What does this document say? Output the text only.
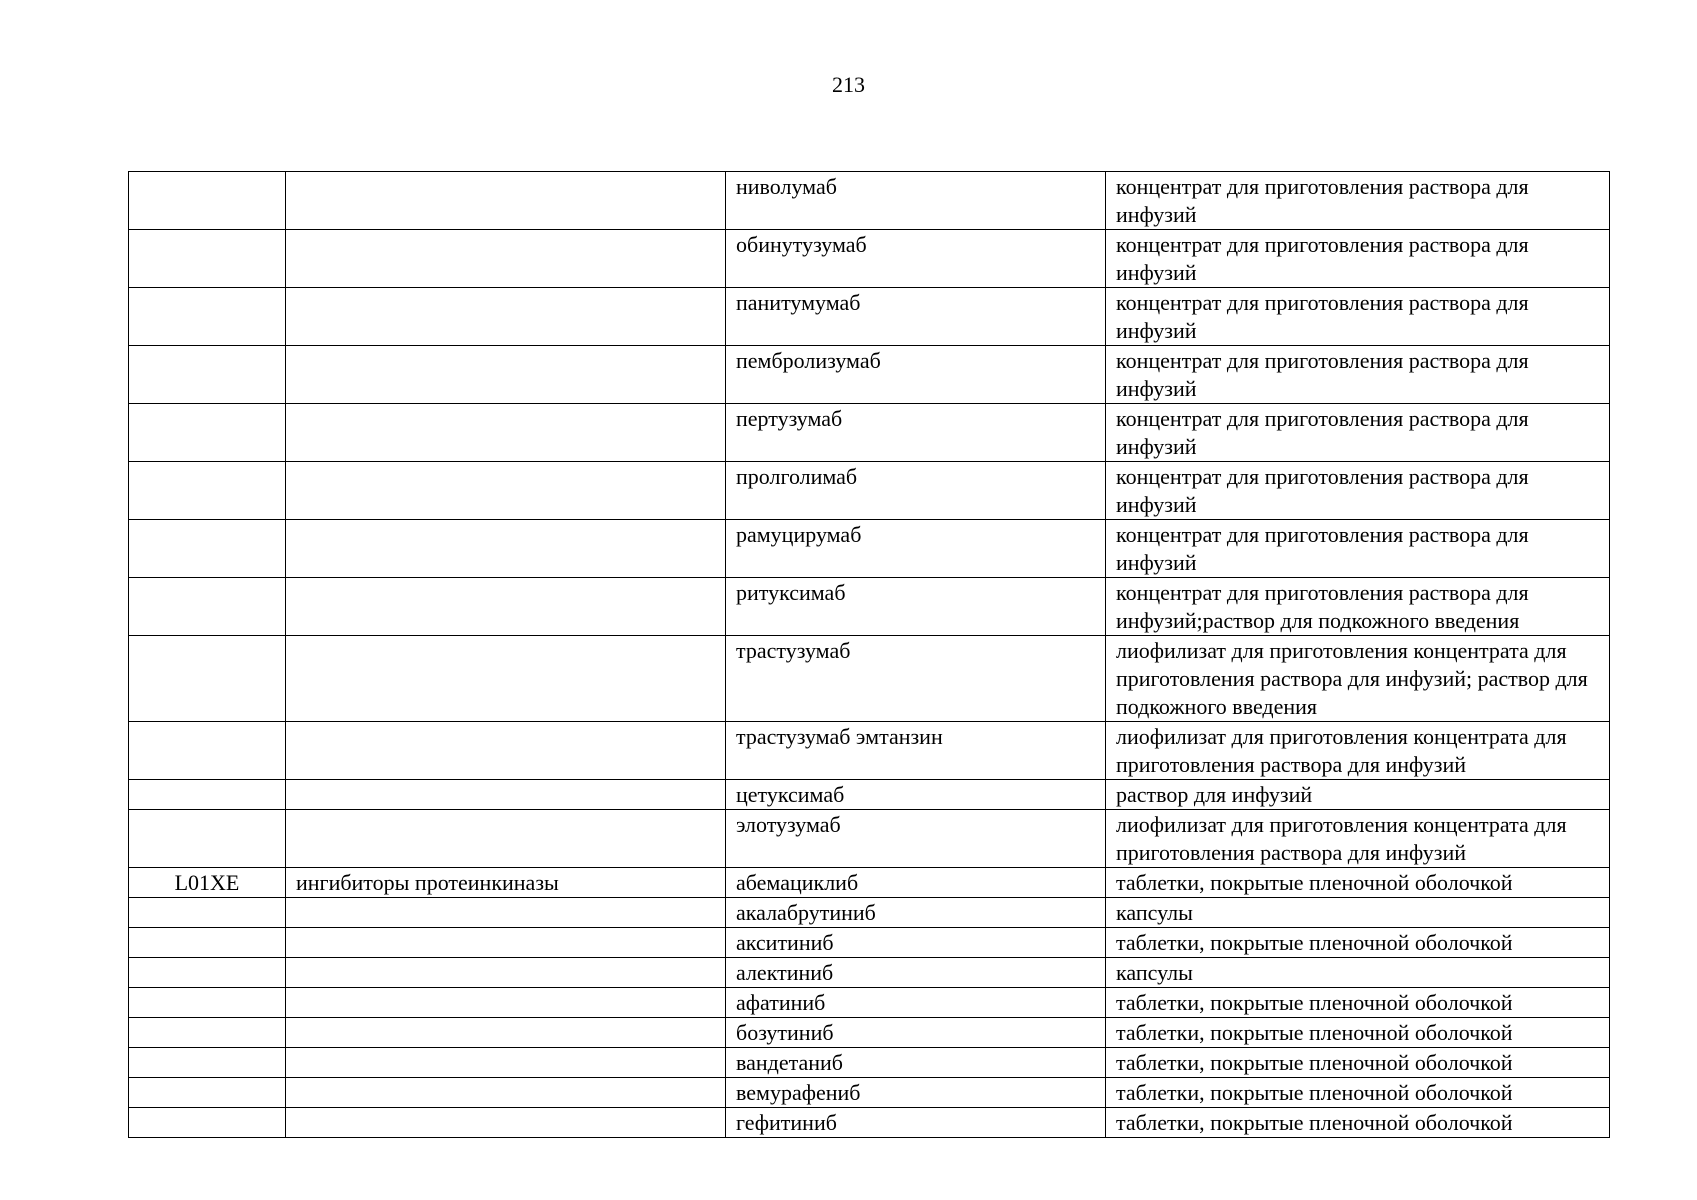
213
		ниволумаб	концентрат для приготовления раствора для инфузий
		обинутузумаб	концентрат для приготовления раствора для инфузий
		панитумумаб	концентрат для приготовления раствора для инфузий
		пембролизумаб	концентрат для приготовления раствора для инфузий
		пертузумаб	концентрат для приготовления раствора для инфузий
		пролголимаб	концентрат для приготовления раствора для инфузий
		рамуцирумаб	концентрат для приготовления раствора для инфузий
		ритуксимаб	концентрат для приготовления раствора для инфузий;раствор для подкожного введения
		трастузумаб	лиофилизат для приготовления концентрата для приготовления раствора для инфузий; раствор для подкожного введения
		трастузумаб эмтанзин	лиофилизат для приготовления концентрата для приготовления раствора для инфузий
		цетуксимаб	раствор для инфузий
		элотузумаб	лиофилизат для приготовления концентрата для приготовления раствора для инфузий
L01XE	ингибиторы протеинкиназы	абемациклиб	таблетки, покрытые пленочной оболочкой
		акалабрутиниб	капсулы
		акситиниб	таблетки, покрытые пленочной оболочкой
		алектиниб	капсулы
		афатиниб	таблетки, покрытые пленочной оболочкой
		бозутиниб	таблетки, покрытые пленочной оболочкой
		вандетаниб	таблетки, покрытые пленочной оболочкой
		вемурафениб	таблетки, покрытые пленочной оболочкой
		гефитиниб	таблетки, покрытые пленочной оболочкой
